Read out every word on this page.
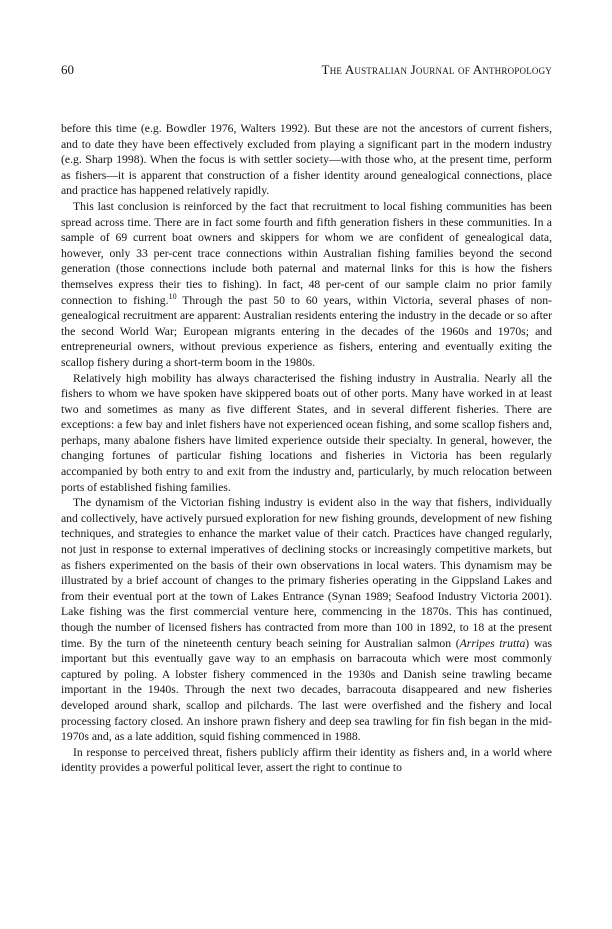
60	The Australian Journal of Anthropology

before this time (e.g. Bowdler 1976, Walters 1992). But these are not the ancestors of current fishers, and to date they have been effectively excluded from playing a significant part in the modern industry (e.g. Sharp 1998). When the focus is with settler society—with those who, at the present time, perform as fishers—it is apparent that construction of a fisher identity around genealogical connections, place and practice has happened relatively rapidly.

This last conclusion is reinforced by the fact that recruitment to local fishing communities has been spread across time. There are in fact some fourth and fifth generation fishers in these communities. In a sample of 69 current boat owners and skippers for whom we are confident of genealogical data, however, only 33 per-cent trace connections within Australian fishing families beyond the second generation (those connections include both paternal and maternal links for this is how the fishers themselves express their ties to fishing). In fact, 48 per-cent of our sample claim no prior family connection to fishing.$^{10}$ Through the past 50 to 60 years, within Victoria, several phases of non-genealogical recruitment are apparent: Australian residents entering the industry in the decade or so after the second World War; European migrants entering in the decades of the 1960s and 1970s; and entrepreneurial owners, without previous experience as fishers, entering and eventually exiting the scallop fishery during a short-term boom in the 1980s.

Relatively high mobility has always characterised the fishing industry in Australia. Nearly all the fishers to whom we have spoken have skippered boats out of other ports. Many have worked in at least two and sometimes as many as five different States, and in several different fisheries. There are exceptions: a few bay and inlet fishers have not experienced ocean fishing, and some scallop fishers and, perhaps, many abalone fishers have limited experience outside their specialty. In general, however, the changing fortunes of particular fishing locations and fisheries in Victoria has been regularly accompanied by both entry to and exit from the industry and, particularly, by much relocation between ports of established fishing families.

The dynamism of the Victorian fishing industry is evident also in the way that fishers, individually and collectively, have actively pursued exploration for new fishing grounds, development of new fishing techniques, and strategies to enhance the market value of their catch. Practices have changed regularly, not just in response to external imperatives of declining stocks or increasingly competitive markets, but as fishers experimented on the basis of their own observations in local waters. This dynamism may be illustrated by a brief account of changes to the primary fisheries operating in the Gippsland Lakes and from their eventual port at the town of Lakes Entrance (Synan 1989; Seafood Industry Victoria 2001). Lake fishing was the first commercial venture here, commencing in the 1870s. This has continued, though the number of licensed fishers has contracted from more than 100 in 1892, to 18 at the present time. By the turn of the nineteenth century beach seining for Australian salmon (Arripes trutta) was important but this eventually gave way to an emphasis on barracouta which were most commonly captured by poling. A lobster fishery commenced in the 1930s and Danish seine trawling became important in the 1940s. Through the next two decades, barracouta disappeared and new fisheries developed around shark, scallop and pilchards. The last were overfished and the fishery and local processing factory closed. An inshore prawn fishery and deep sea trawling for fin fish began in the mid-1970s and, as a late addition, squid fishing commenced in 1988.

In response to perceived threat, fishers publicly affirm their identity as fishers and, in a world where identity provides a powerful political lever, assert the right to continue to
